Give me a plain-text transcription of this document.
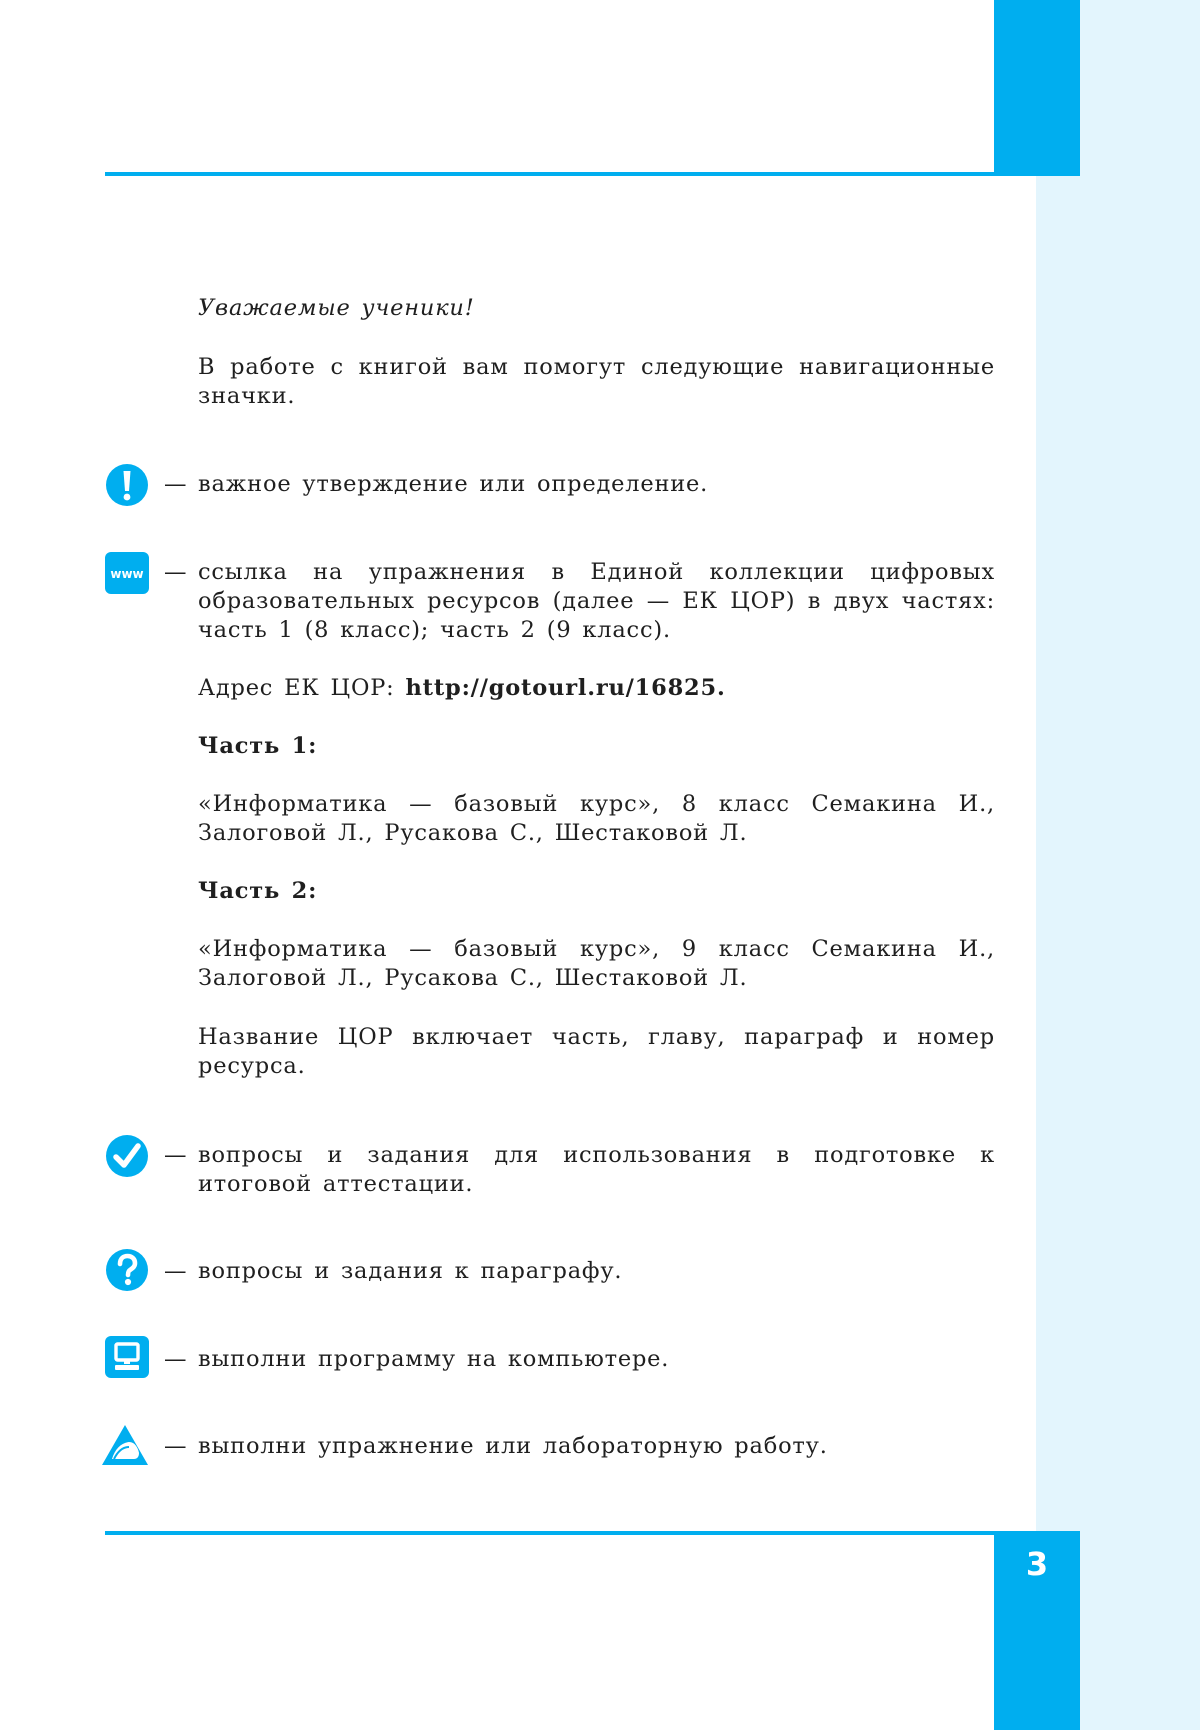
3

Уважаемые ученики!

В работе с книгой вам помогут следующие навигационные значки.

— важное утверждение или определение.

www — ссылка на упражнения в Единой коллекции цифровых образовательных ресурсов (далее — ЕК ЦОР) в двух частях: часть 1 (8 класс); часть 2 (9 класс).

Адрес ЕК ЦОР: http://gotourl.ru/16825.

Часть 1:

«Информатика — базовый курс», 8 класс Семакина И., Залоговой Л., Русакова С., Шестаковой Л.

Часть 2:

«Информатика — базовый курс», 9 класс Семакина И., Залоговой Л., Русакова С., Шестаковой Л.

Название ЦОР включает часть, главу, параграф и номер ресурса.

— вопросы и задания для использования в подготовке к итоговой аттестации.

— вопросы и задания к параграфу.

— выполни программу на компьютере.

— выполни упражнение или лабораторную работу.
